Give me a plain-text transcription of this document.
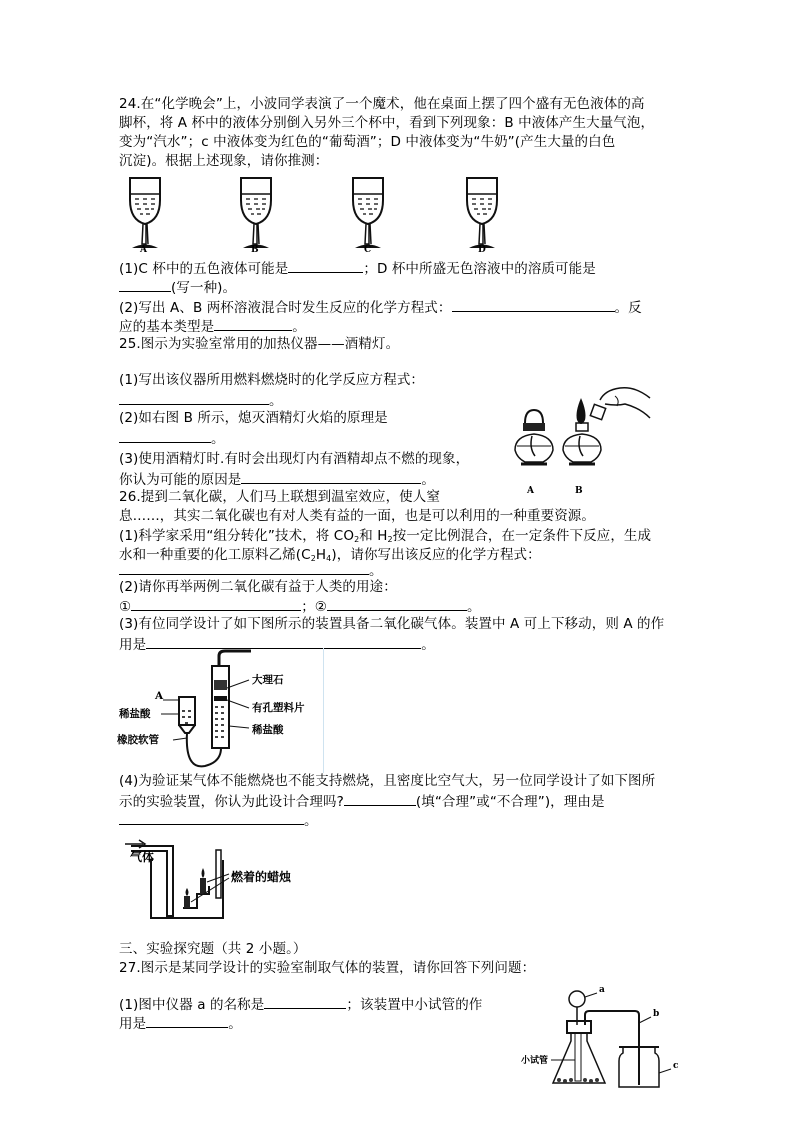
24.在“化学晚会”上，小波同学表演了一个魔术，他在桌面上摆了四个盛有无色液体的高
脚杯，将 A 杯中的液体分别倒入另外三个杯中，看到下列现象：B 中液体产生大量气泡，
变为“汽水”；c 中液体变为红色的“葡萄酒”；D 中液体变为“牛奶”(产生大量的白色
沉淀)。根据上述现象，请你推测：
A	B	C	D
(1)C 杯中的五色液体可能是	；D 杯中所盛无色溶液中的溶质可能是
(写一种)。
(2)写出 A、B 两杯溶液混合时发生反应的化学方程式：	。反
应的基本类型是	。
25.图示为实验室常用的加热仪器——酒精灯。
(1)写出该仪器所用燃料燃烧时的化学反应方程式：
。
(2)如右图 B 所示，熄灭酒精灯火焰的原理是
。
(3)使用酒精灯时.有时会出现灯内有酒精却点不燃的现象，
你认为可能的原因是	。
A	B
26.提到二氧化碳，人们马上联想到温室效应，使人窒
息……，其实二氧化碳也有对人类有益的一面，也是可以利用的一种重要资源。
(1)科学家采用“组分转化”技术，将 $CO_2$和 $H_2$按一定比例混合，在一定条件下反应，生成
水和一种重要的化工原料乙烯$(C_2H_4)$，请你写出该反应的化学方程式：
。
(2)请你再举两例二氧化碳有益于人类的用途：
①	；②	。
(3)有位同学设计了如下图所示的装置具备二氧化碳气体。装置中 A 可上下移动，则 A 的作
用是	。
A
稀盐酸
橡胶软管
大理石
有孔塑料片
稀盐酸
(4)为验证某气体不能燃烧也不能支持燃烧，且密度比空气大，另一位同学设计了如下图所
示的实验装置，你认为此设计合理吗?	(填“合理”或“不合理”)，理由是
。
气体
燃着的蜡烛
三、实验探究题（共 2 小题。）
27.图示是某同学设计的实验室制取气体的装置，请你回答下列问题：
(1)图中仪器 a 的名称是	；该装置中小试管的作
用是	。
a
b
c
小试管
